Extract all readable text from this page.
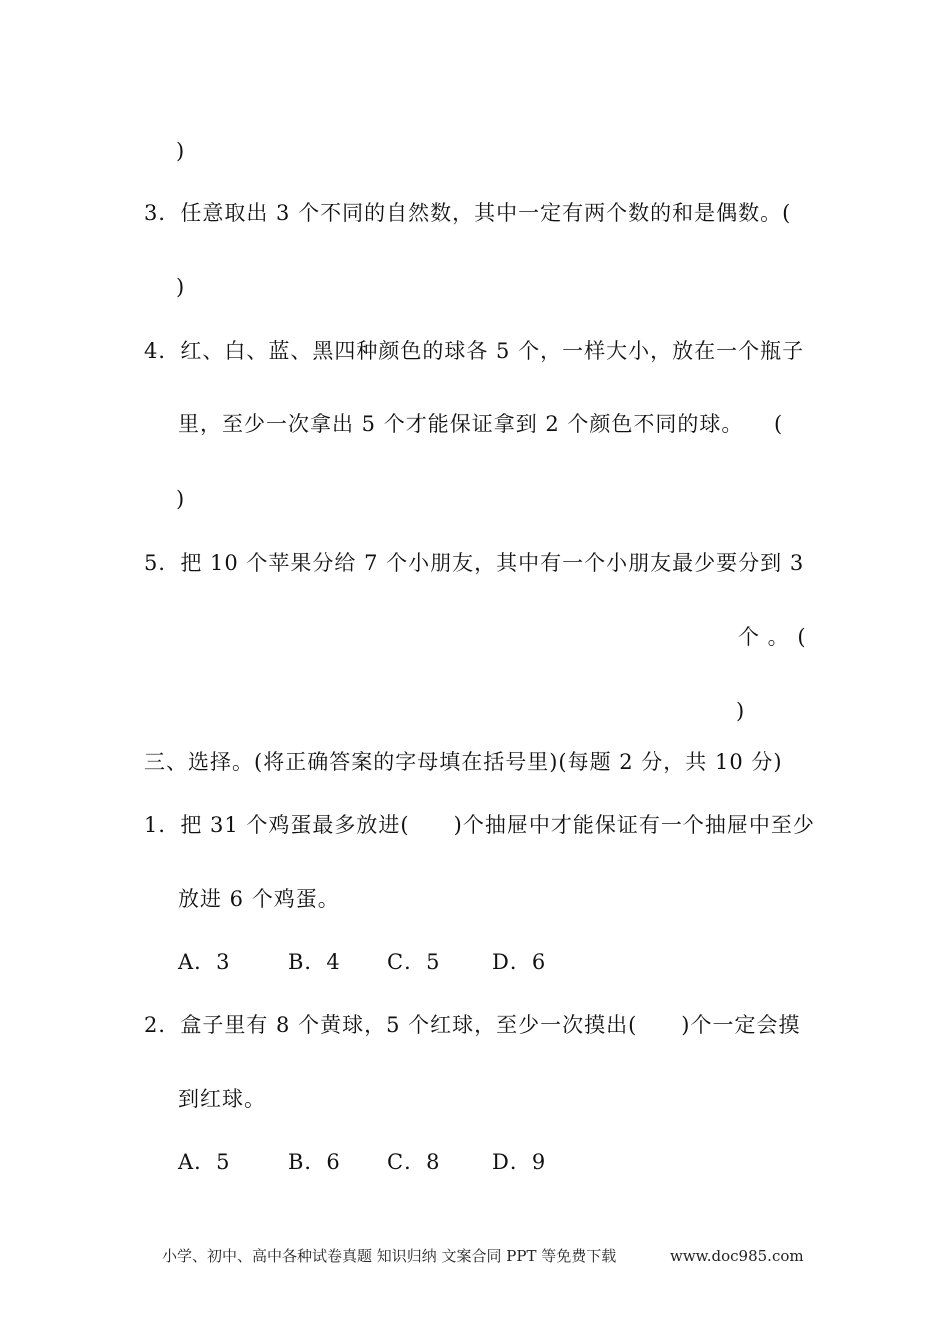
)
3．任意取出 3 个不同的自然数，其中一定有两个数的和是偶数。(
)
4．红、白、蓝、黑四种颜色的球各 5 个，一样大小，放在一个瓶子
里，至少一次拿出 5 个才能保证拿到 2 个颜色不同的球。 (
)
5．把 10 个苹果分给 7 个小朋友，其中有一个小朋友最少要分到 3
个 。 (
)
三、选择。(将正确答案的字母填在括号里)(每题 2 分，共 10 分)
1．把 31 个鸡蛋最多放进(　　)个抽屉中才能保证有一个抽屉中至少
放进 6 个鸡蛋。
A．3	B．4 C．5 D．6
2．盒子里有 8 个黄球，5 个红球，至少一次摸出(　　)个一定会摸
到红球。
A．5	B．6 C．8 D．9
小学、初中、高中各种试卷真题 知识归纳 文案合同 PPT 等免费下载	www.doc985.com
